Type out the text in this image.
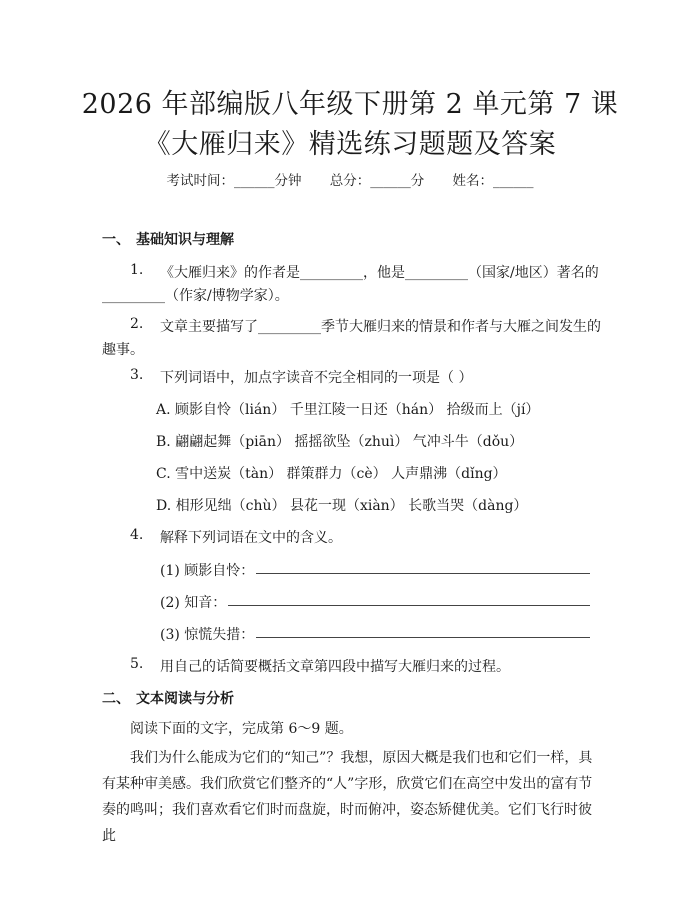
2026 年部编版八年级下册第 2 单元第 7 课
《大雁归来》精选练习题题及答案
考试时间：______分钟 总分：______分 姓名：______
一、 基础知识与理解
1. 《大雁归来》的作者是_________，他是_________（国家/地区）著名的
_________（作家/博物学家）。
2. 文章主要描写了_________季节大雁归来的情景和作者与大雁之间发生的
趣事。
3. 下列词语中，加点字读音不完全相同的一项是（ ）
A. 顾影自怜（lián） 千里江陵一日还（hán） 拾级而上（jí）
B. 翩翩起舞（piān） 摇摇欲坠（zhuì） 气冲斗牛（dǒu）
C. 雪中送炭（tàn） 群策群力（cè） 人声鼎沸（dǐng）
D. 相形见绌（chù） 县花一现（xiàn） 长歌当哭（dàng）
4. 解释下列词语在文中的含义。
(1) 顾影自怜：
(2) 知音：
(3) 惊慌失措：
5. 用自己的话简要概括文章第四段中描写大雁归来的过程。
二、 文本阅读与分析
阅读下面的文字，完成第 6～9 题。
我们为什么能成为它们的“知己”？我想，原因大概是我们也和它们一样，具有某种审美感。我们欣赏它们整齐的“人”字形，欣赏它们在高空中发出的富有节奏的鸣叫；我们喜欢看它们时而盘旋，时而俯冲，姿态矫健优美。它们飞行时彼此
